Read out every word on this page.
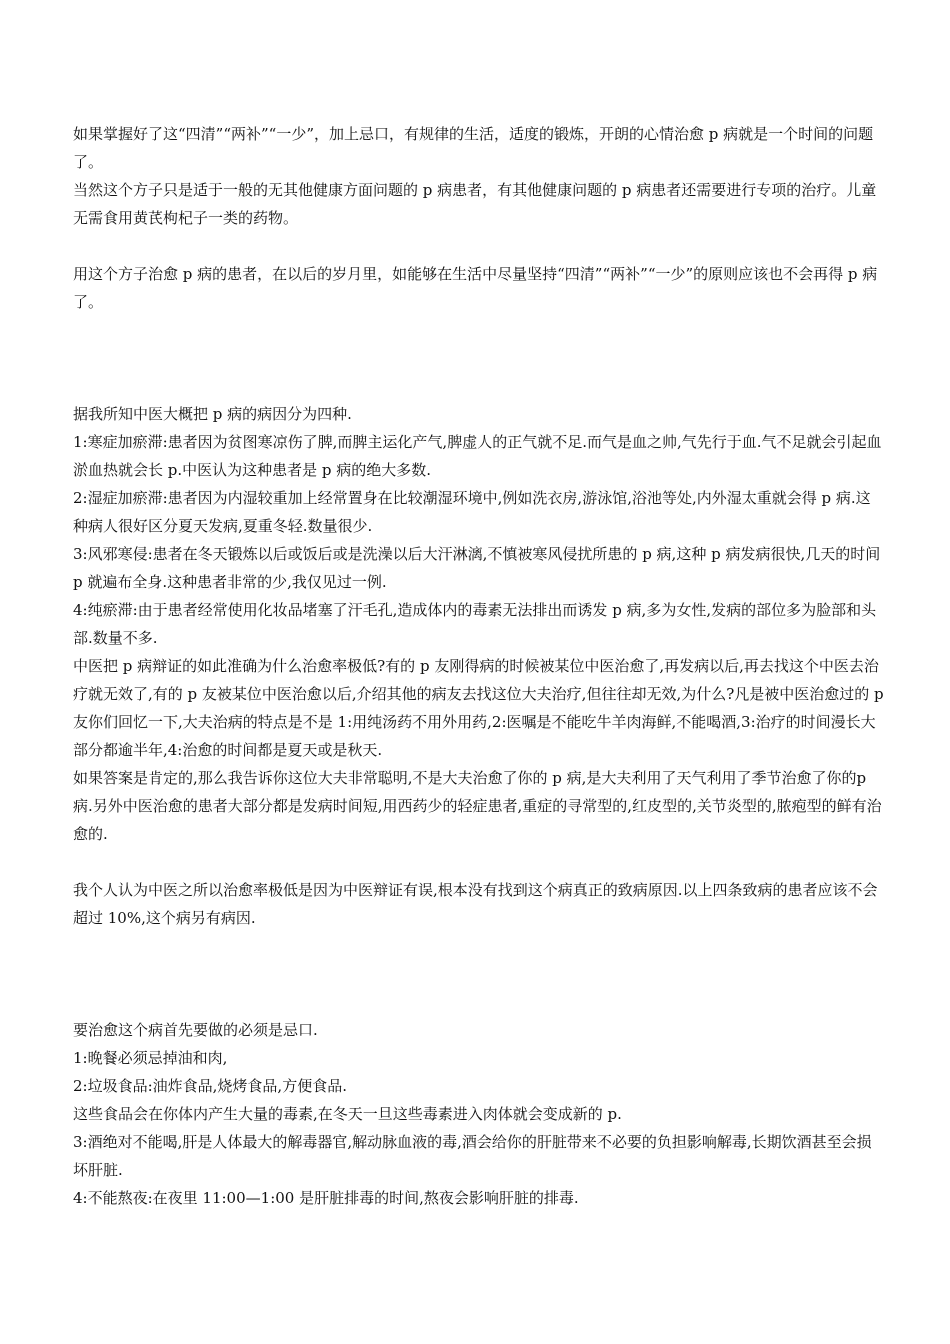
如果掌握好了这“四清”“两补”“一少”，加上忌口，有规律的生活，适度的锻炼，开朗的心情治愈 p 病就是一个时间的问题了。

当然这个方子只是适于一般的无其他健康方面问题的 p 病患者，有其他健康问题的 p 病患者还需要进行专项的治疗。儿童无需食用黄芪枸杞子一类的药物。

用这个方子治愈 p 病的患者，在以后的岁月里，如能够在生活中尽量坚持“四清”“两补”“一少”的原则应该也不会再得 p 病了。

据我所知中医大概把 p 病的病因分为四种.

1:寒症加瘀滞:患者因为贫图寒凉伤了脾,而脾主运化产气,脾虚人的正气就不足.而气是血之帅,气先行于血.气不足就会引起血淤血热就会长 p.中医认为这种患者是 p 病的绝大多数.

2:湿症加瘀滞:患者因为内湿较重加上经常置身在比较潮湿环境中,例如洗衣房,游泳馆,浴池等处,内外湿太重就会得 p 病.这种病人很好区分夏天发病,夏重冬轻.数量很少.

3:风邪寒侵:患者在冬天锻炼以后或饭后或是洗澡以后大汗淋漓,不慎被寒风侵扰所患的 p 病,这种 p 病发病很快,几天的时间 p 就遍布全身.这种患者非常的少,我仅见过一例.

4:纯瘀滞:由于患者经常使用化妆品堵塞了汗毛孔,造成体内的毒素无法排出而诱发 p 病,多为女性,发病的部位多为脸部和头部.数量不多.

中医把 p 病辩证的如此准确为什么治愈率极低?有的 p 友刚得病的时候被某位中医治愈了,再发病以后,再去找这个中医去治疗就无效了,有的 p 友被某位中医治愈以后,介绍其他的病友去找这位大夫治疗,但往往却无效,为什么?凡是被中医治愈过的 p 友你们回忆一下,大夫治病的特点是不是 1:用纯汤药不用外用药,2:医嘱是不能吃牛羊肉海鲜,不能喝酒,3:治疗的时间漫长大部分都逾半年,4:治愈的时间都是夏天或是秋天.

如果答案是肯定的,那么我告诉你这位大夫非常聪明,不是大夫治愈了你的 p 病,是大夫利用了天气利用了季节治愈了你的p病.另外中医治愈的患者大部分都是发病时间短,用西药少的轻症患者,重症的寻常型的,红皮型的,关节炎型的,脓疱型的鲜有治愈的.

我个人认为中医之所以治愈率极低是因为中医辩证有误,根本没有找到这个病真正的致病原因.以上四条致病的患者应该不会超过 10%,这个病另有病因.

要治愈这个病首先要做的必须是忌口.

1:晚餐必须忌掉油和肉,

2:垃圾食品:油炸食品,烧烤食品,方便食品.

这些食品会在你体内产生大量的毒素,在冬天一旦这些毒素进入肉体就会变成新的 p.

3:酒绝对不能喝,肝是人体最大的解毒器官,解动脉血液的毒,酒会给你的肝脏带来不必要的负担影响解毒,长期饮酒甚至会损坏肝脏.

4:不能熬夜:在夜里 11:00—1:00 是肝脏排毒的时间,熬夜会影响肝脏的排毒.
